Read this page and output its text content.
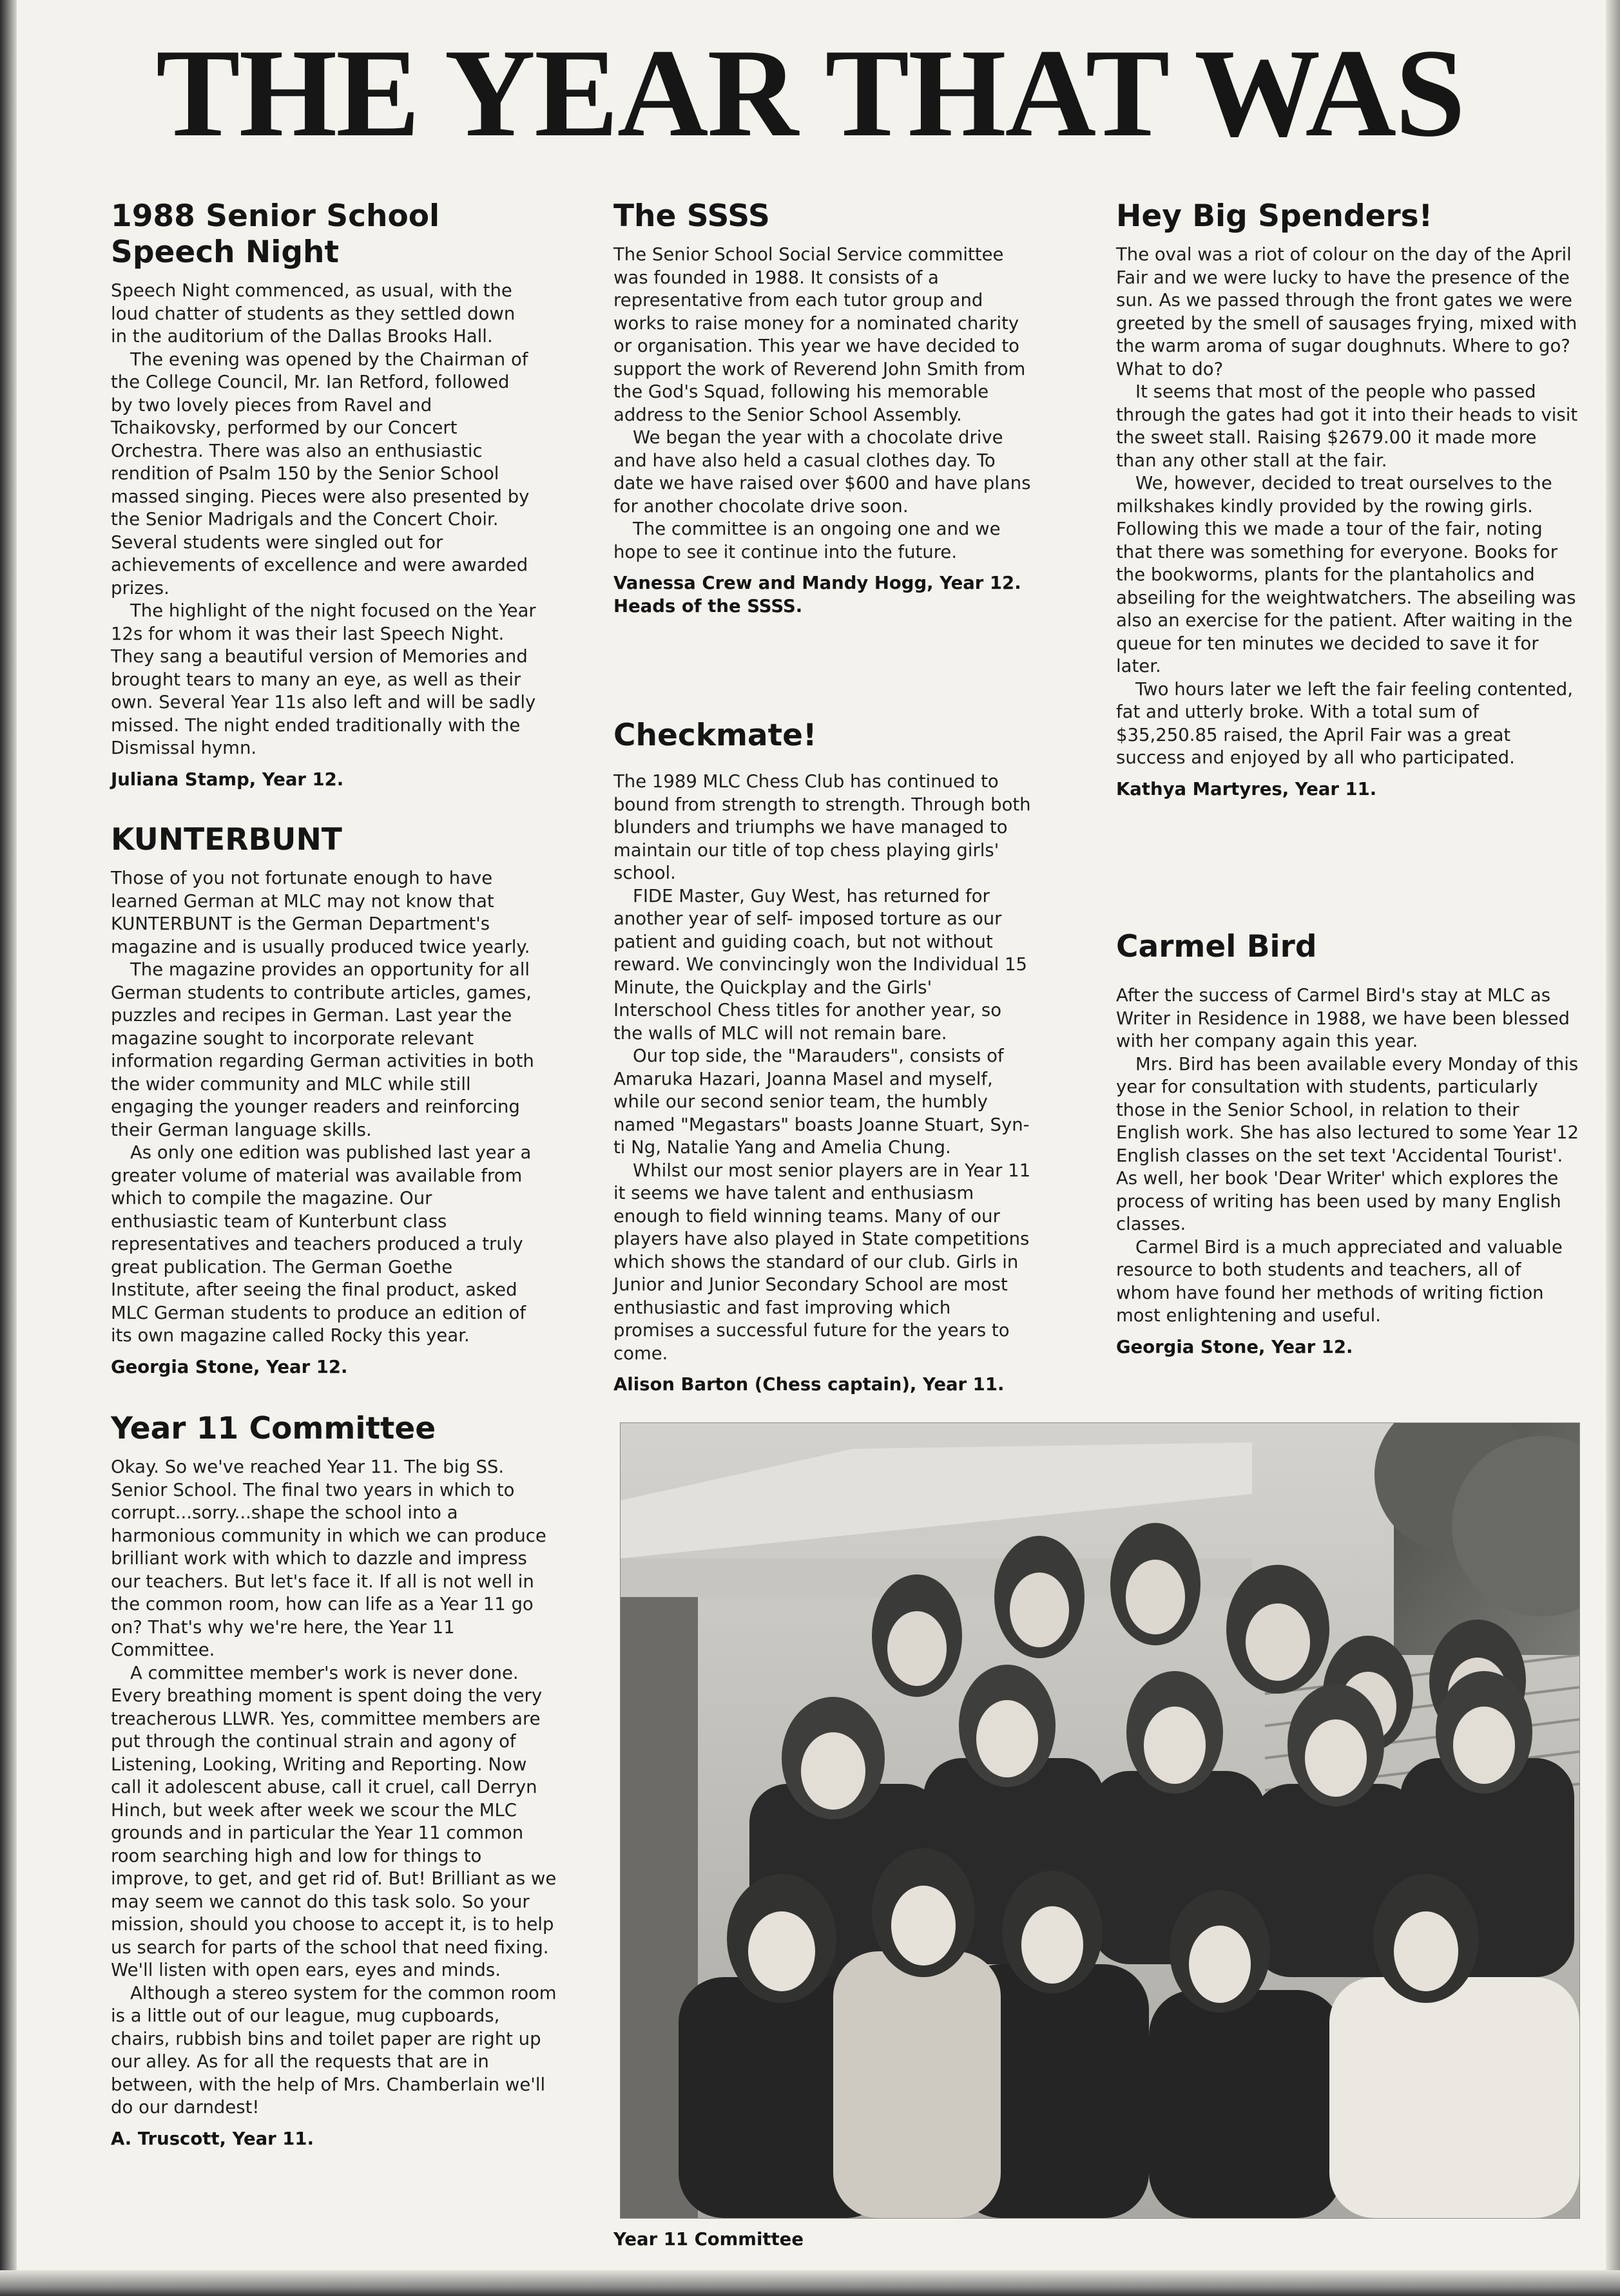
THE YEAR THAT WAS
1988 Senior School Speech Night

Speech Night commenced, as usual, with the loud chatter of students as they settled down in the auditorium of the Dallas Brooks Hall.

The evening was opened by the Chairman of the College Council, Mr. Ian Retford, followed by two lovely pieces from Ravel and Tchaikovsky, performed by our Concert Orchestra. There was also an enthusiastic rendition of Psalm 150 by the Senior School massed singing. Pieces were also presented by the Senior Madrigals and the Concert Choir. Several students were singled out for achievements of excellence and were awarded prizes.

The highlight of the night focused on the Year 12s for whom it was their last Speech Night. They sang a beautiful version of Memories and brought tears to many an eye, as well as their own. Several Year 11s also left and will be sadly missed. The night ended traditionally with the Dismissal hymn.

Juliana Stamp, Year 12.
KUNTERBUNT

Those of you not fortunate enough to have learned German at MLC may not know that KUNTERBUNT is the German Department's magazine and is usually produced twice yearly.

The magazine provides an opportunity for all German students to contribute articles, games, puzzles and recipes in German. Last year the magazine sought to incorporate relevant information regarding German activities in both the wider community and MLC while still engaging the younger readers and reinforcing their German language skills.

As only one edition was published last year a greater volume of material was available from which to compile the magazine. Our enthusiastic team of Kunterbunt class representatives and teachers produced a truly great publication. The German Goethe Institute, after seeing the final product, asked MLC German students to produce an edition of its own magazine called Rocky this year.

Georgia Stone, Year 12.
Year 11 Committee

Okay. So we've reached Year 11. The big SS. Senior School. The final two years in which to corrupt...sorry...shape the school into a harmonious community in which we can produce brilliant work with which to dazzle and impress our teachers. But let's face it. If all is not well in the common room, how can life as a Year 11 go on? That's why we're here, the Year 11 Committee.

A committee member's work is never done. Every breathing moment is spent doing the very treacherous LLWR. Yes, committee members are put through the continual strain and agony of Listening, Looking, Writing and Reporting. Now call it adolescent abuse, call it cruel, call Derryn Hinch, but week after week we scour the MLC grounds and in particular the Year 11 common room searching high and low for things to improve, to get, and get rid of. But! Brilliant as we may seem we cannot do this task solo. So your mission, should you choose to accept it, is to help us search for parts of the school that need fixing. We'll listen with open ears, eyes and minds.

Although a stereo system for the common room is a little out of our league, mug cupboards, chairs, rubbish bins and toilet paper are right up our alley. As for all the requests that are in between, with the help of Mrs. Chamberlain we'll do our darndest!

A. Truscott, Year 11.
The SSSS

The Senior School Social Service committee was founded in 1988. It consists of a representative from each tutor group and works to raise money for a nominated charity or organisation. This year we have decided to support the work of Reverend John Smith from the God's Squad, following his memorable address to the Senior School Assembly.

We began the year with a chocolate drive and have also held a casual clothes day. To date we have raised over $600 and have plans for another chocolate drive soon.

The committee is an ongoing one and we hope to see it continue into the future.

Vanessa Crew and Mandy Hogg, Year 12. Heads of the SSSS.
Checkmate!

The 1989 MLC Chess Club has continued to bound from strength to strength. Through both blunders and triumphs we have managed to maintain our title of top chess playing girls' school.

FIDE Master, Guy West, has returned for another year of self- imposed torture as our patient and guiding coach, but not without reward. We convincingly won the Individual 15 Minute, the Quickplay and the Girls' Interschool Chess titles for another year, so the walls of MLC will not remain bare.

Our top side, the "Marauders", consists of Amaruka Hazari, Joanna Masel and myself, while our second senior team, the humbly named "Megastars" boasts Joanne Stuart, Syn-ti Ng, Natalie Yang and Amelia Chung.

Whilst our most senior players are in Year 11 it seems we have talent and enthusiasm enough to field winning teams. Many of our players have also played in State competitions which shows the standard of our club. Girls in Junior and Junior Secondary School are most enthusiastic and fast improving which promises a successful future for the years to come.

Alison Barton (Chess captain), Year 11.
Hey Big Spenders!

The oval was a riot of colour on the day of the April Fair and we were lucky to have the presence of the sun. As we passed through the front gates we were greeted by the smell of sausages frying, mixed with the warm aroma of sugar doughnuts. Where to go? What to do?

It seems that most of the people who passed through the gates had got it into their heads to visit the sweet stall. Raising $2679.00 it made more than any other stall at the fair.

We, however, decided to treat ourselves to the milkshakes kindly provided by the rowing girls. Following this we made a tour of the fair, noting that there was something for everyone. Books for the bookworms, plants for the plantaholics and abseiling for the weightwatchers. The abseiling was also an exercise for the patient. After waiting in the queue for ten minutes we decided to save it for later.

Two hours later we left the fair feeling contented, fat and utterly broke. With a total sum of $35,250.85 raised, the April Fair was a great success and enjoyed by all who participated.

Kathya Martyres, Year 11.
Carmel Bird

After the success of Carmel Bird's stay at MLC as Writer in Residence in 1988, we have been blessed with her company again this year.

Mrs. Bird has been available every Monday of this year for consultation with students, particularly those in the Senior School, in relation to their English work. She has also lectured to some Year 12 English classes on the set text 'Accidental Tourist'. As well, her book 'Dear Writer' which explores the process of writing has been used by many English classes.

Carmel Bird is a much appreciated and valuable resource to both students and teachers, all of whom have found her methods of writing fiction most enlightening and useful.

Georgia Stone, Year 12.
Year 11 Committee
